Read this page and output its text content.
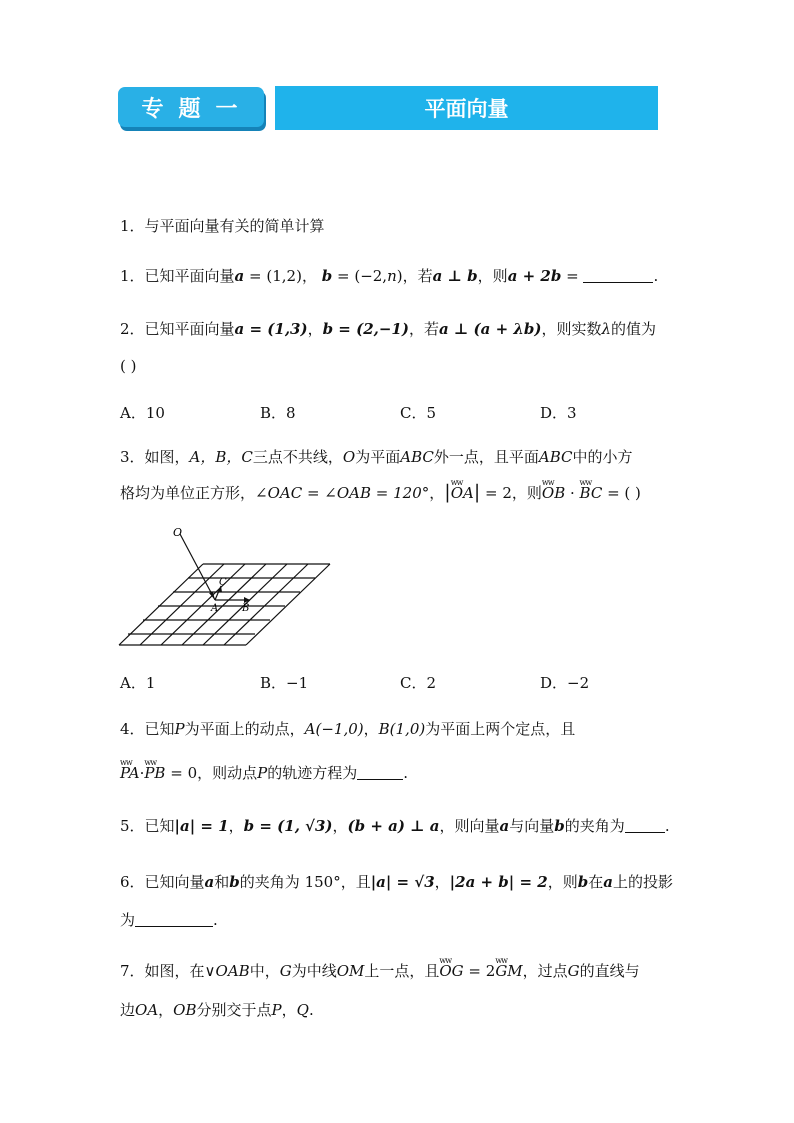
专题一	平面向量
1．与平面向量有关的简单计算
1．已知平面向量a = (1,2)， b = (−2,n)，若a ⊥ b，则a + 2b =	.
2．已知平面向量a = (1,3)，b = (2,−1)，若a ⊥ (a + λb)，则实数λ的值为
( )
A．10	B．8	C．5	D．3
3．如图，A，B，C三点不共线，O为平面ABC外一点，且平面ABC中的小方
格均为单位正方形，∠OAC = ∠OAB = 120°，|ww OA| = 2，则ww OB · ww BC = ( )
O
A B
C
A．1	B．−1	C．2	D．−2
4．已知P为平面上的动点，A(−1,0)，B(1,0)为平面上两个定点，且
ww PA·ww PB = 0，则动点P的轨迹方程为	.
5．已知|a| = 1，b = (1, √3)，(b + a) ⊥ a，则向量a与向量b的夹角为	.
6．已知向量a和b的夹角为 150°，且|a| = √3，|2a + b| = 2，则b在a上的投影
为	.
7．如图，在∨OAB中，G为中线OM上一点，且ww OG = 2ww GM，过点G的直线与
边OA，OB分别交于点P，Q.
